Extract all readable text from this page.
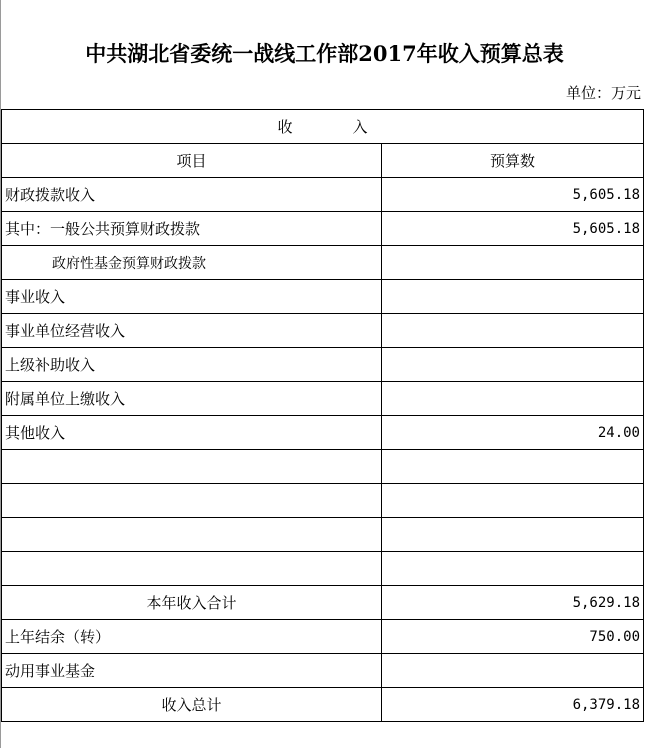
中共湖北省委统一战线工作部2017年收入预算总表
单位：万元
收 入	
项目	预算数
财政拨款收入	5,605.18
其中：一般公共预算财政拨款	5,605.18
政府性基金预算财政拨款	
事业收入	
事业单位经营收入	
上级补助收入	
附属单位上缴收入	
其他收入	24.00

本年收入合计	5,629.18
上年结余（转）	750.00
动用事业基金	
收入总计	6,379.18
